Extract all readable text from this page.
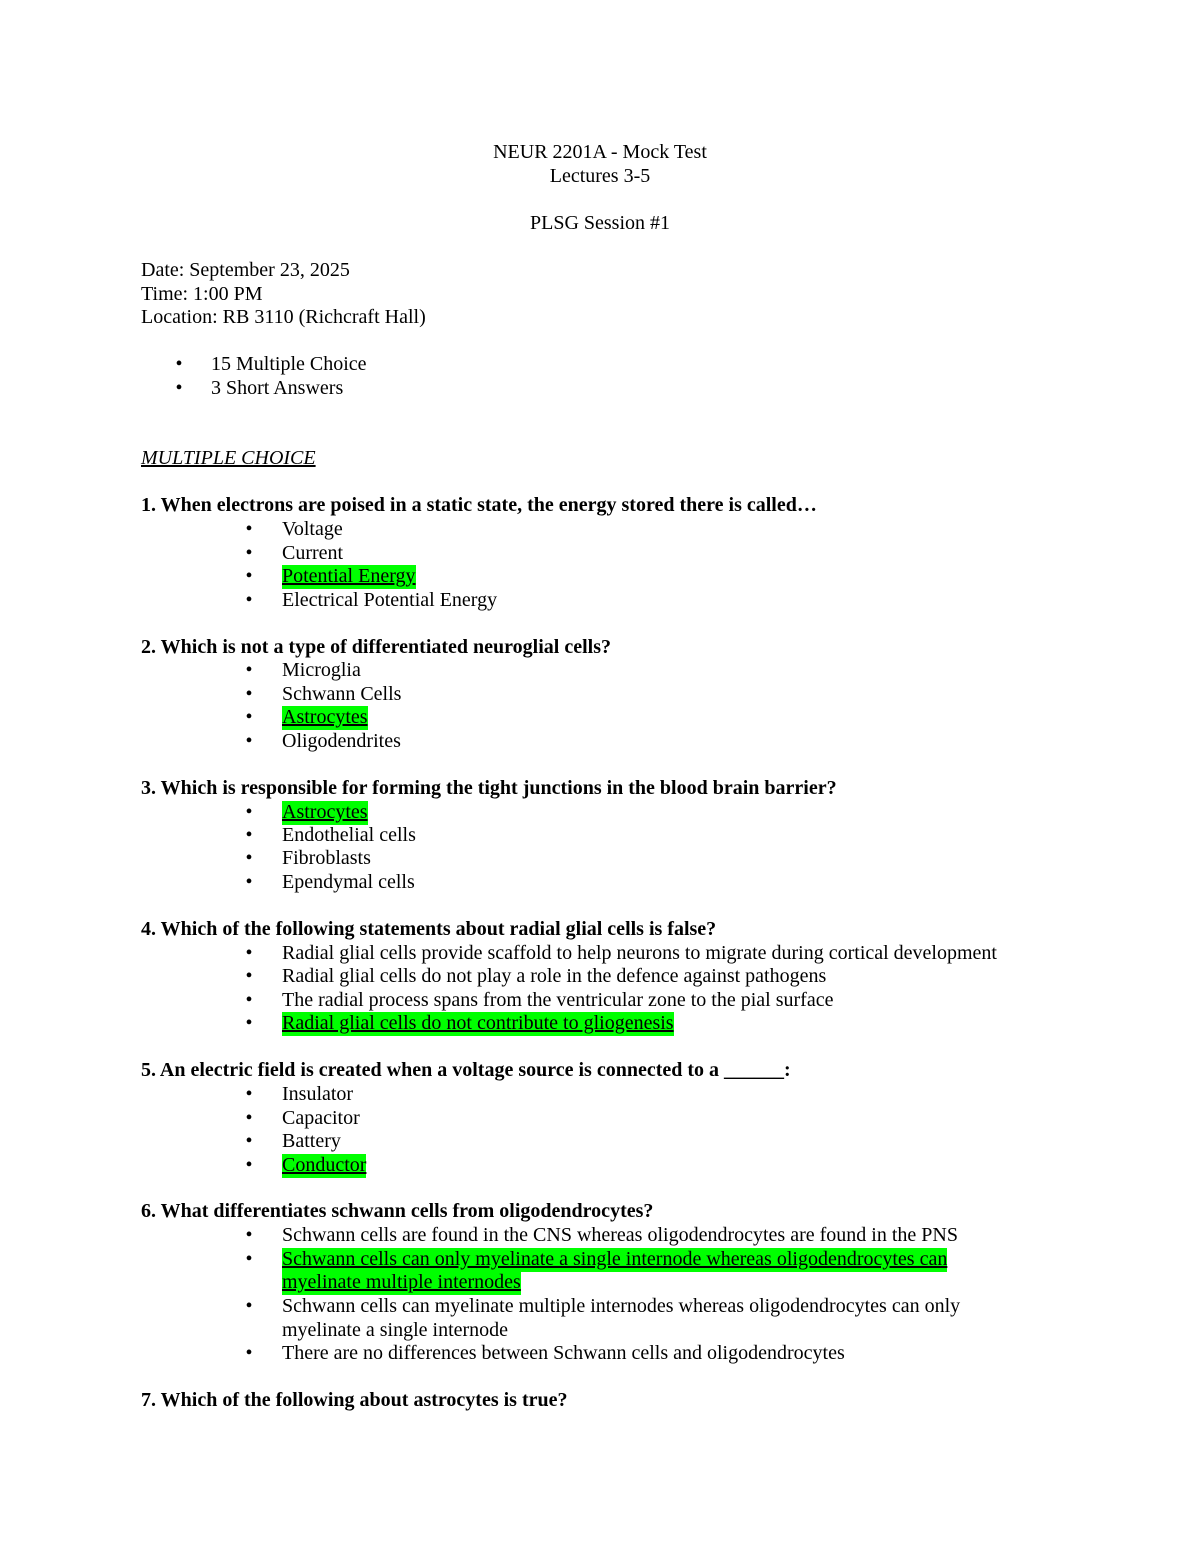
NEUR 2201A - Mock Test
Lectures 3-5
PLSG Session #1
Date: September 23, 2025
Time: 1:00 PM
Location: RB 3110 (Richcraft Hall)
• 15 Multiple Choice
• 3 Short Answers
MULTIPLE CHOICE
1. When electrons are poised in a static state, the energy stored there is called…
• Voltage
• Current
• Potential Energy
• Electrical Potential Energy
2. Which is not a type of differentiated neuroglial cells?
• Microglia
• Schwann Cells
• Astrocytes
• Oligodendrites
3. Which is responsible for forming the tight junctions in the blood brain barrier?
• Astrocytes
• Endothelial cells
• Fibroblasts
• Ependymal cells
4. Which of the following statements about radial glial cells is false?
• Radial glial cells provide scaffold to help neurons to migrate during cortical development
• Radial glial cells do not play a role in the defence against pathogens
• The radial process spans from the ventricular zone to the pial surface
• Radial glial cells do not contribute to gliogenesis
5. An electric field is created when a voltage source is connected to a ______:
• Insulator
• Capacitor
• Battery
• Conductor
6. What differentiates schwann cells from oligodendrocytes?
• Schwann cells are found in the CNS whereas oligodendrocytes are found in the PNS
• Schwann cells can only myelinate a single internode whereas oligodendrocytes can
myelinate multiple internodes
• Schwann cells can myelinate multiple internodes whereas oligodendrocytes can only
myelinate a single internode
• There are no differences between Schwann cells and oligodendrocytes
7. Which of the following about astrocytes is true?
